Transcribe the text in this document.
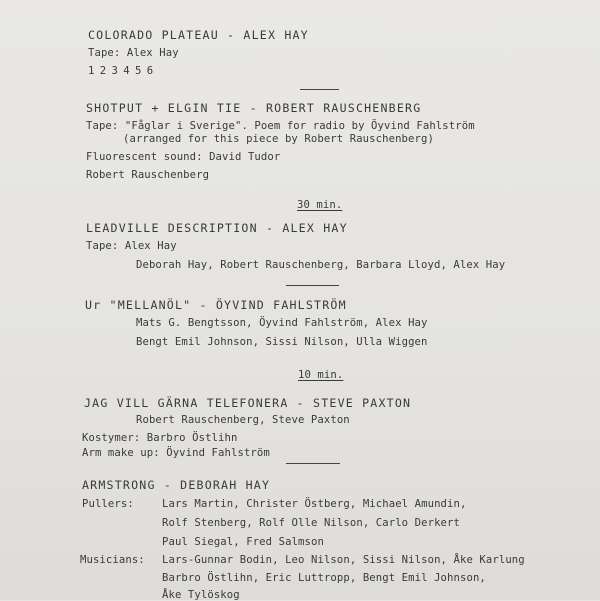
COLORADO PLATEAU - ALEX HAY
Tape: Alex Hay
1 2 3 4 5 6
SHOTPUT + ELGIN TIE - ROBERT RAUSCHENBERG
Tape: "Fåglar i Sverige". Poem for radio by Öyvind Fahlström
(arranged for this piece by Robert Rauschenberg)
Fluorescent sound: David Tudor
Robert Rauschenberg
30 min.
LEADVILLE DESCRIPTION - ALEX HAY
Tape: Alex Hay
Deborah Hay, Robert Rauschenberg, Barbara Lloyd, Alex Hay
Ur "MELLANÖL" - ÖYVIND FAHLSTRÖM
Mats G. Bengtsson, Öyvind Fahlström, Alex Hay
Bengt Emil Johnson, Sissi Nilson, Ulla Wiggen
10 min.
JAG VILL GÄRNA TELEFONERA - STEVE PAXTON
Robert Rauschenberg, Steve Paxton
Kostymer: Barbro Östlihn
Arm make up: Öyvind Fahlström
ARMSTRONG - DEBORAH HAY
Pullers:	Lars Martin, Christer Östberg, Michael Amundin,
Rolf Stenberg, Rolf Olle Nilson, Carlo Derkert
Paul Siegal, Fred Salmson
Musicians: Lars-Gunnar Bodin, Leo Nilson, Sissi Nilson, Åke Karlung
Barbro Östlihn, Eric Luttropp, Bengt Emil Johnson,
Åke Tylöskog
